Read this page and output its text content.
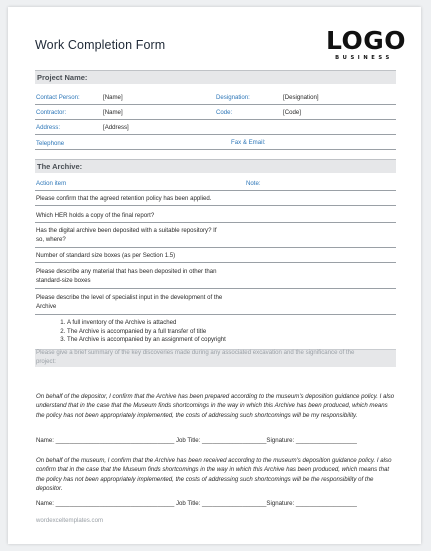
Work Completion Form	LOGO
BUSINESS
Project Name:
Contact Person:	[Name]	Designation:	[Designation]
Contractor:	[Name]	Code:	[Code]
Address:	[Address]
Telephone	Fax & Email:
The Archive:
Action item	Note:
Please confirm that the agreed retention policy has been applied.
Which HER holds a copy of the final report?
Has the digital archive been deposited with a suitable repository? If
so, where?
Number of standard size boxes (as per Section 1.5)
Please describe any material that has been deposited in other than
standard-size boxes
Please describe the level of specialist input in the development of the
Archive
1. A full inventory of the Archive is attached
2. The Archive is accompanied by a full transfer of title
3. The Archive is accompanied by an assignment of copyright
Please give a brief summary of the key discoveries made during any associated excavation and the significance of the
project:
On behalf of the depositor, I confirm that the Archive has been prepared according to the museum's deposition guidance policy. I also understand that in the case that the Museum finds shortcomings in the way in which this Archive has been produced, which means the policy has not been appropriately implemented, the costs of addressing such shortcomings will be my responsibility.
Name: ___________________________________ Job Title: ___________________Signature: __________________
On behalf of the museum, I confirm that the Archive has been received according to the museum's deposition guidance policy. I also confirm that in the case that the Museum finds shortcomings in the way in which this Archive has been produced, which means that the policy has not been appropriately implemented, the costs of addressing such shortcomings will be the responsibility of the depositor.
Name: ___________________________________ Job Title: ___________________Signature: __________________
wordexceltemplates.com
